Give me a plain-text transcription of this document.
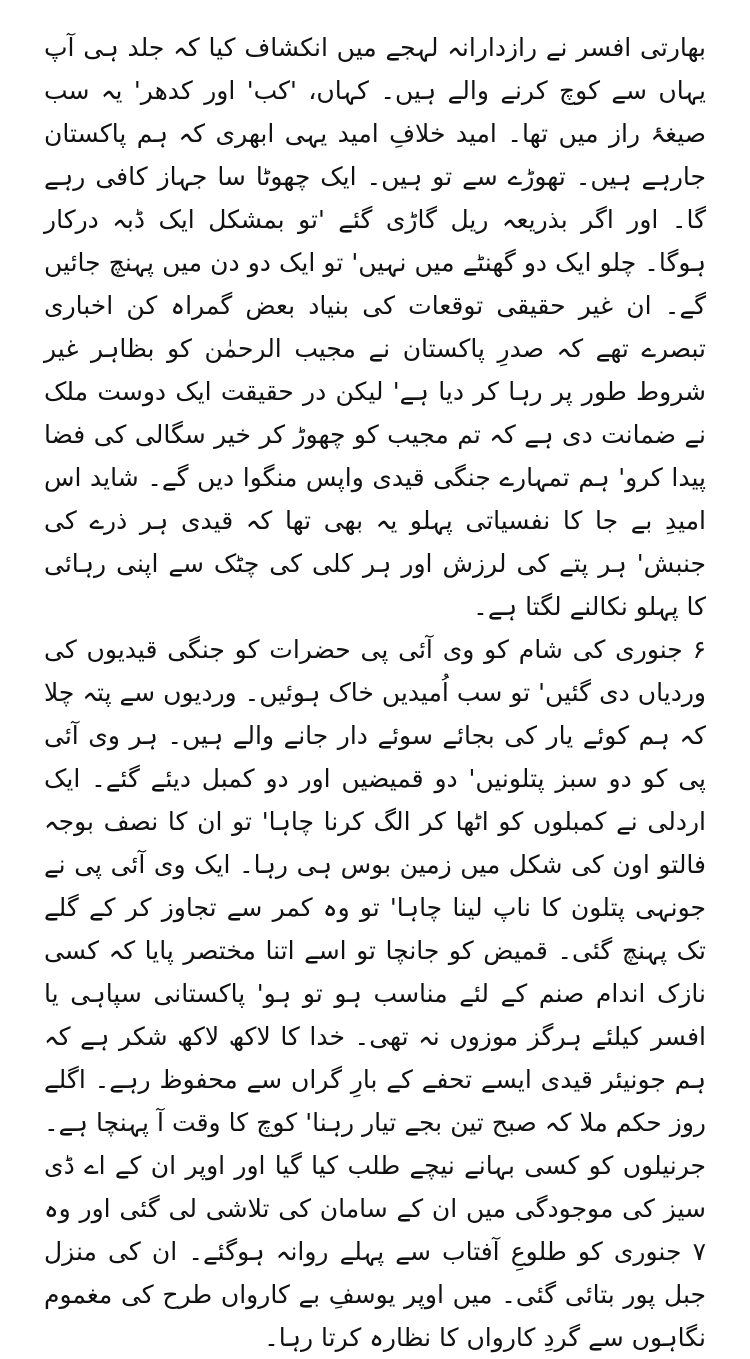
بھارتی افسر نے رازدارانہ لہجے میں انکشاف کیا کہ جلد ہی آپ یہاں سے کوچ کرنے والے ہیں۔ کہاں، 'کب' اور کدھر' یہ سب صیغۂ راز میں تھا۔ امید خلافِ امید یہی ابھری کہ ہم پاکستان جارہے ہیں۔ تھوڑے سے تو ہیں۔ ایک چھوٹا سا جہاز کافی رہے گا۔ اور اگر بذریعہ ریل گاڑی گئے 'تو بمشکل ایک ڈبہ درکار ہوگا۔ چلو ایک دو گھنٹے میں نہیں' تو ایک دو دن میں پہنچ جائیں گے۔ ان غیر حقیقی توقعات کی بنیاد بعض گمراہ کن اخباری تبصرے تھے کہ صدرِ پاکستان نے مجیب الرحمٰن کو بظاہر غیر شروط طور پر رہا کر دیا ہے' لیکن در حقیقت ایک دوست ملک نے ضمانت دی ہے کہ تم مجیب کو چھوڑ کر خیر سگالی کی فضا پیدا کرو' ہم تمہارے جنگی قیدی واپس منگوا دیں گے۔ شاید اس امیدِ بے جا کا نفسیاتی پہلو یہ بھی تھا کہ قیدی ہر ذرے کی جنبش' ہر پتے کی لرزش اور ہر کلی کی چٹک سے اپنی رہائی کا پہلو نکالنے لگتا ہے۔

۶ جنوری کی شام کو وی آئی پی حضرات کو جنگی قیدیوں کی وردیاں دی گئیں' تو سب اُمیدیں خاک ہوئیں۔ وردیوں سے پتہ چلا کہ ہم کوئے یار کی بجائے سوئے دار جانے والے ہیں۔ ہر وی آئی پی کو دو سبز پتلونیں' دو قمیضیں اور دو کمبل دیئے گئے۔ ایک اردلی نے کمبلوں کو اٹھا کر الگ کرنا چاہا' تو ان کا نصف بوجہ فالتو اون کی شکل میں زمین بوس ہی رہا۔ ایک وی آئی پی نے جونہی پتلون کا ناپ لینا چاہا' تو وہ کمر سے تجاوز کر کے گلے تک پہنچ گئی۔ قمیض کو جانچا تو اسے اتنا مختصر پایا کہ کسی نازک اندام صنم کے لئے مناسب ہو تو ہو' پاکستانی سپاہی یا افسر کیلئے ہرگز موزوں نہ تھی۔ خدا کا لاکھ لاکھ شکر ہے کہ ہم جونیئر قیدی ایسے تحفے کے بارِ گراں سے محفوظ رہے۔ اگلے روز حکم ملا کہ صبح تین بجے تیار رہنا' کوچ کا وقت آ پہنچا ہے۔ جرنیلوں کو کسی بہانے نیچے طلب کیا گیا اور اوپر ان کے اے ڈی سیز کی موجودگی میں ان کے سامان کی تلاشی لی گئی اور وہ ۷ جنوری کو طلوعِ آفتاب سے پہلے روانہ ہوگئے۔ ان کی منزل جبل پور بتائی گئی۔ میں اوپر یوسفِ بے کارواں طرح کی مغموم نگاہوں سے گردِ کارواں کا نظارہ کرتا رہا۔
